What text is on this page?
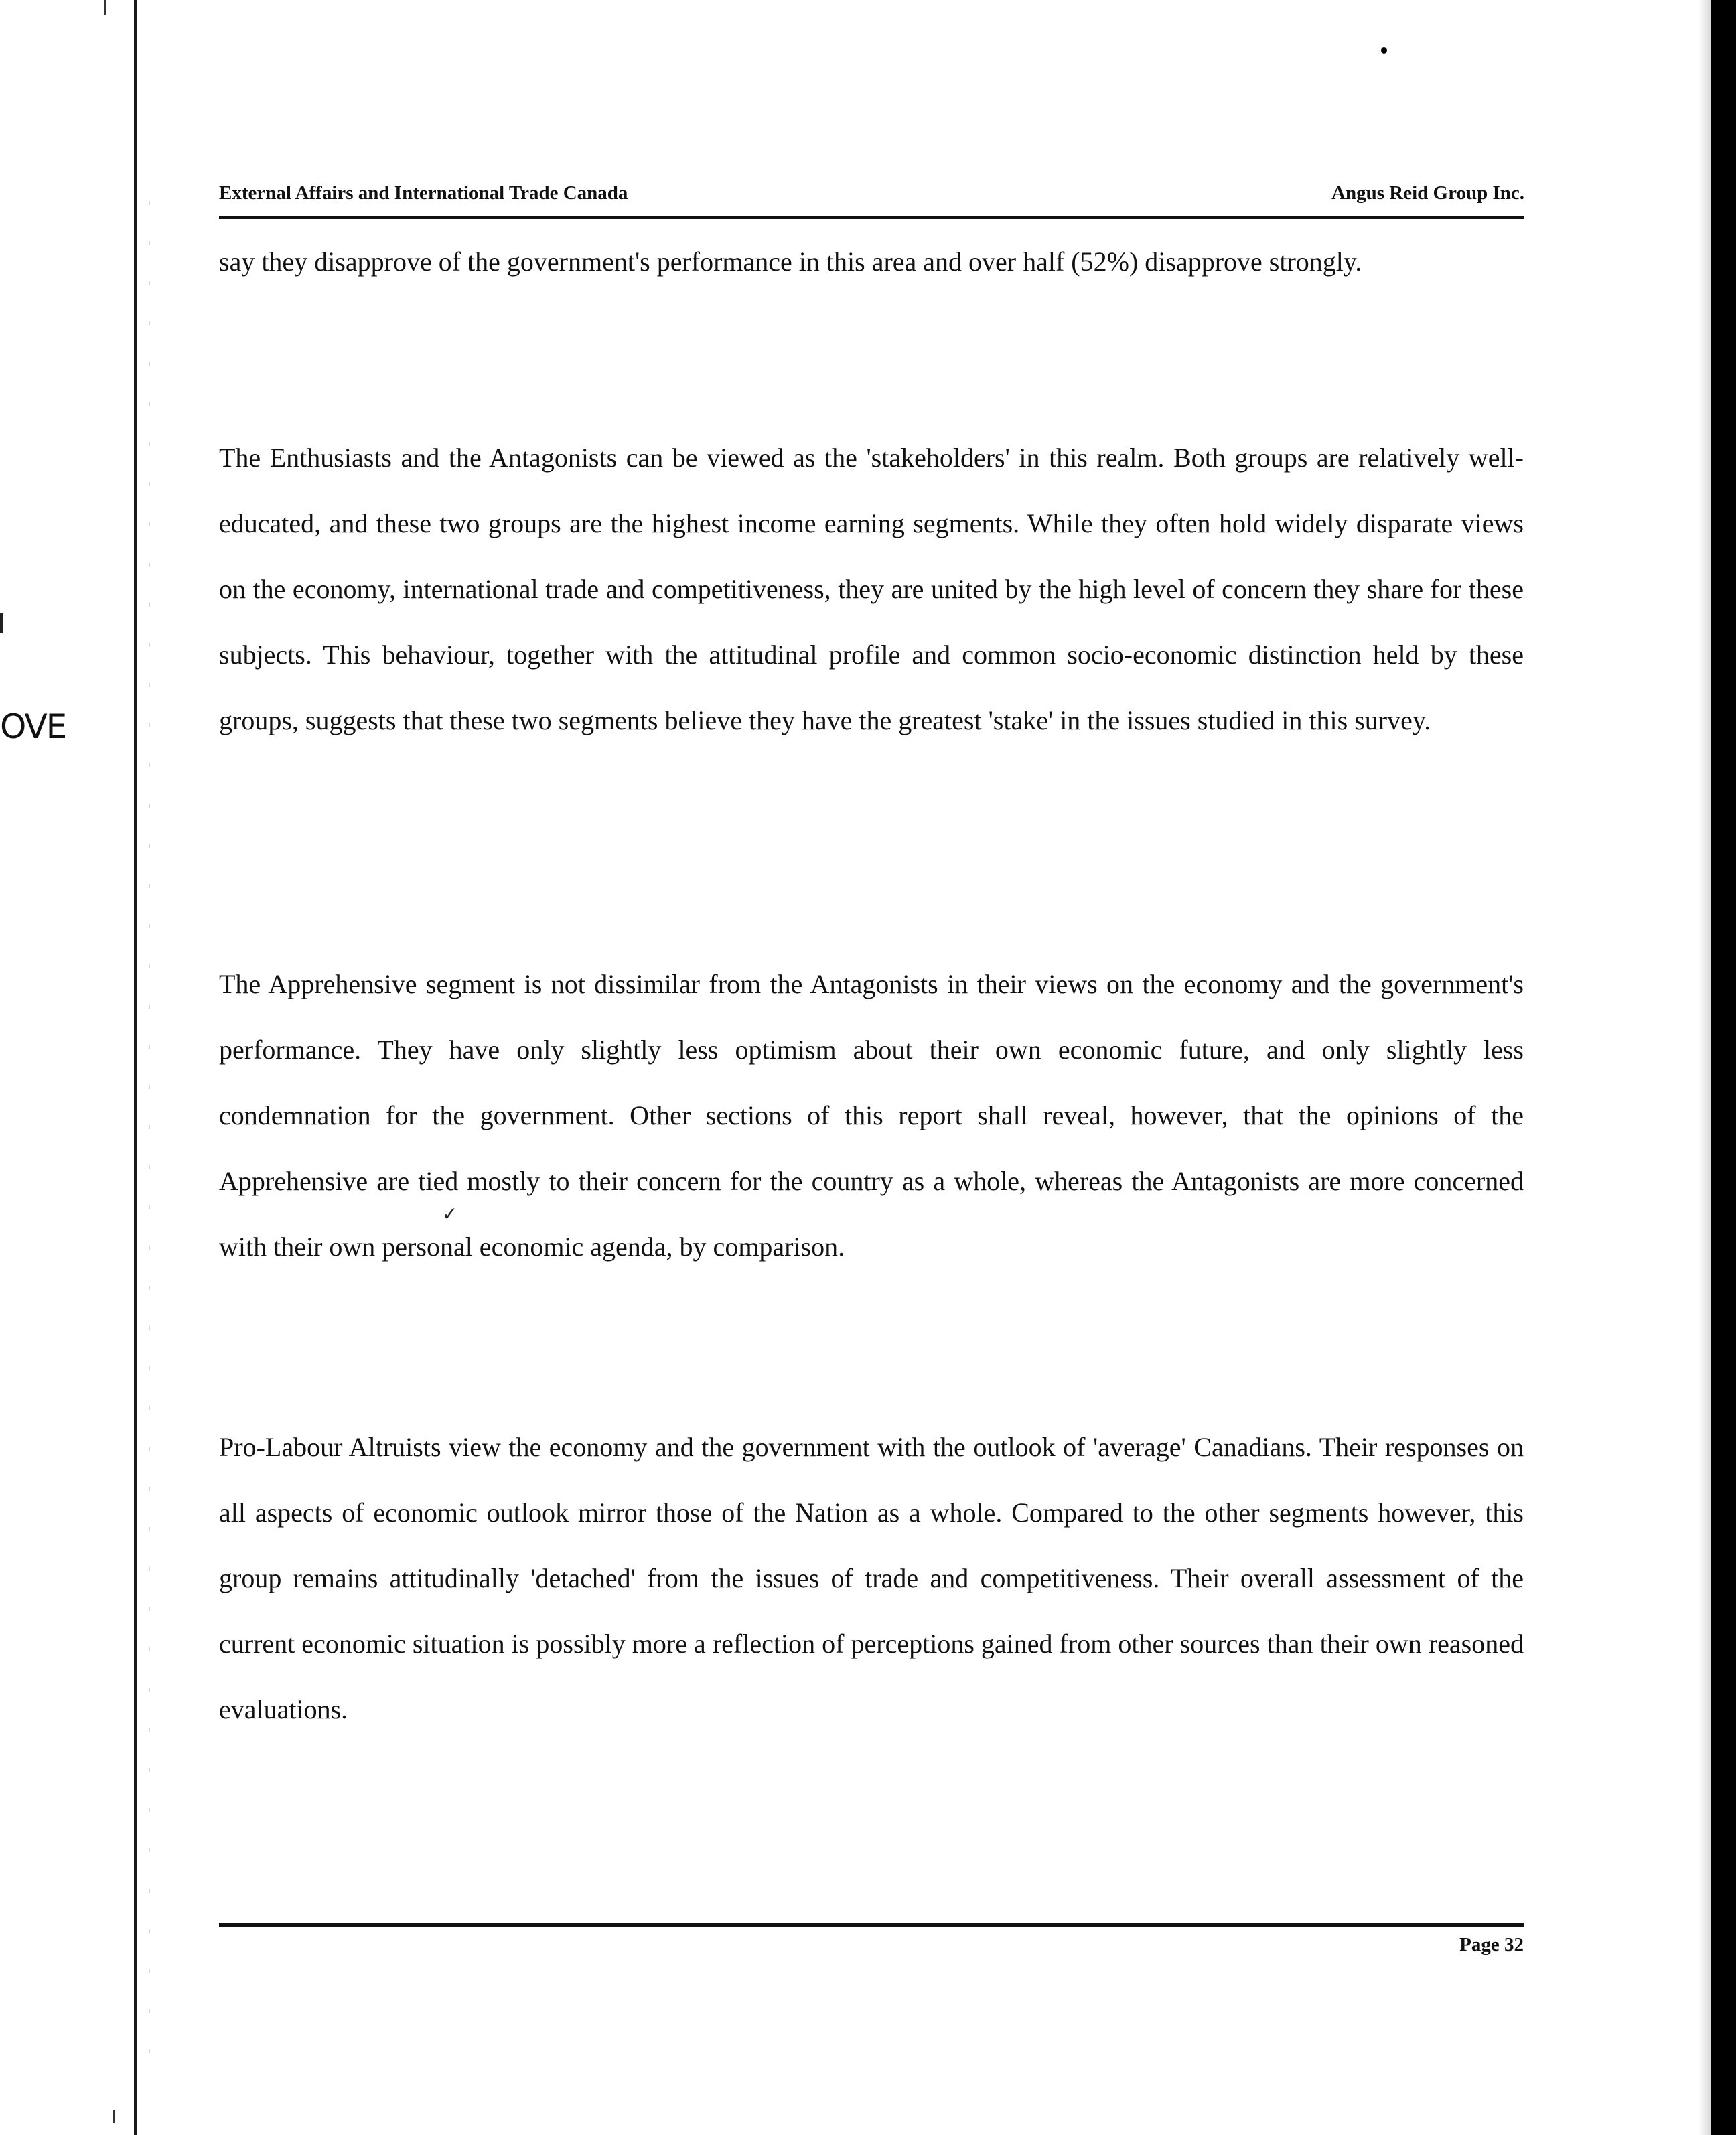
OVE
External Affairs and International Trade Canada	Angus Reid Group Inc.

say they disapprove of the government's performance in this area and over half (52%) disapprove strongly.

The Enthusiasts and the Antagonists can be viewed as the 'stakeholders' in this realm. Both groups are relatively well-educated, and these two groups are the highest income earning segments. While they often hold widely disparate views on the economy, international trade and competitiveness, they are united by the high level of concern they share for these subjects. This behaviour, together with the attitudinal profile and common socio-economic distinction held by these groups, suggests that these two segments believe they have the greatest 'stake' in the issues studied in this survey.

The Apprehensive segment is not dissimilar from the Antagonists in their views on the economy and the government's performance. They have only slightly less optimism about their own economic future, and only slightly less condemnation for the government. Other sections of this report shall reveal, however, that the opinions of the Apprehensive are tied mostly to their concern for the country as a whole, whereas the Antagonists are more concerned with their own personal economic agenda, by comparison.

✓

Pro-Labour Altruists view the economy and the government with the outlook of 'average' Canadians. Their responses on all aspects of economic outlook mirror those of the Nation as a whole. Compared to the other segments however, this group remains attitudinally 'detached' from the issues of trade and competitiveness. Their overall assessment of the current economic situation is possibly more a reflection of perceptions gained from other sources than their own reasoned evaluations.

Page 32
